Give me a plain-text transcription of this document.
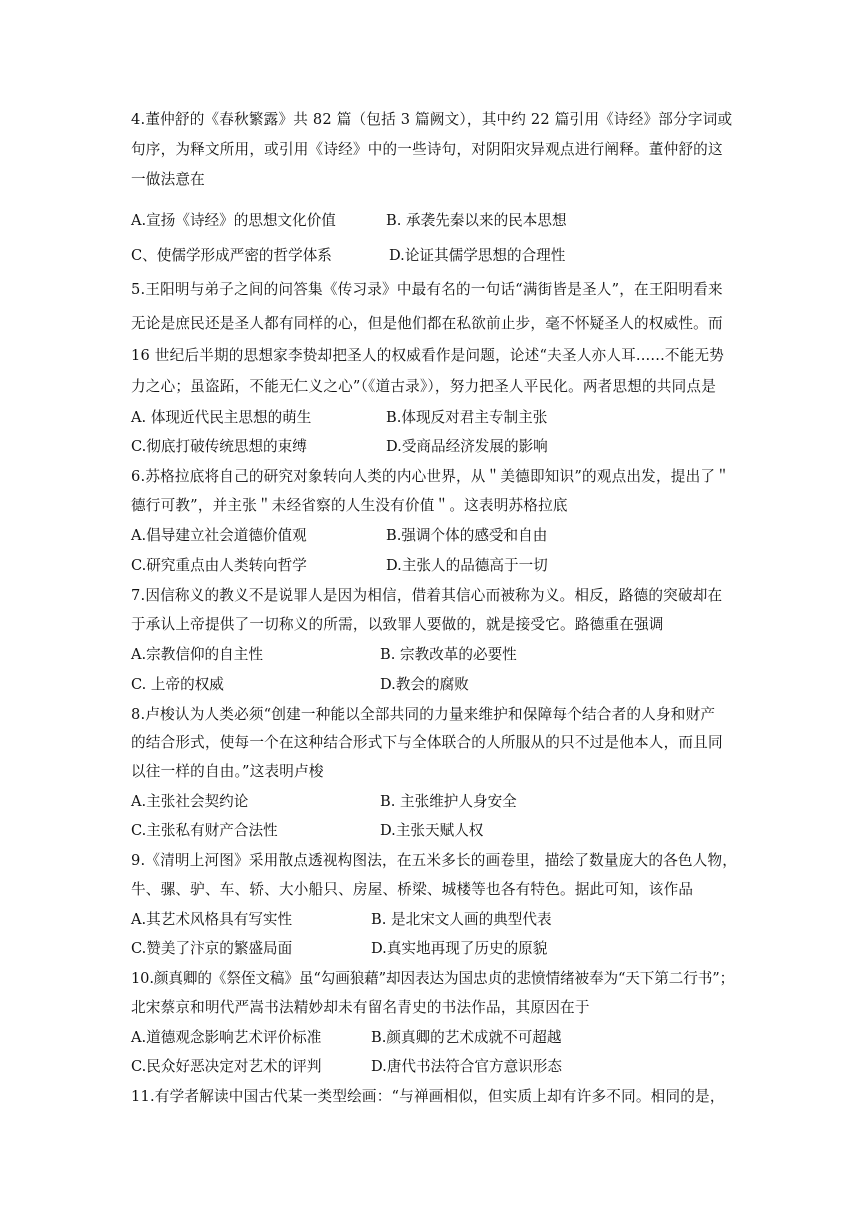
4.董仲舒的《春秋繁露》共 82 篇（包括 3 篇阙文），其中约 22 篇引用《诗经》部分字词或
句序，为释文所用，或引用《诗经》中的一些诗句，对阴阳灾异观点进行阐释。董仲舒的这
一做法意在
A.宣扬《诗经》的思想文化价值	B. 承袭先秦以来的民本思想
C、使儒学形成严密的哲学体系	D.论证其儒学思想的合理性
5.王阳明与弟子之间的问答集《传习录》中最有名的一句话“满街皆是圣人”，在王阳明看来
无论是庶民还是圣人都有同样的心，但是他们都在私欲前止步，毫不怀疑圣人的权威性。而
16 世纪后半期的思想家李贽却把圣人的权威看作是问题，论述“夫圣人亦人耳......不能无势
力之心；虽盗跖，不能无仁义之心”（《道古录》），努力把圣人平民化。两者思想的共同点是
A. 体现近代民主思想的萌生	B.体现反对君主专制主张
C.彻底打破传统思想的束缚	D.受商品经济发展的影响
6.苏格拉底将自己的研究对象转向人类的内心世界，从＂美德即知识”的观点出发，提出了＂
德行可教”，并主张＂未经省察的人生没有价值＂。这表明苏格拉底
A.倡导建立社会道德价值观	B.强调个体的感受和自由
C.研究重点由人类转向哲学	D.主张人的品德高于一切
7.因信称义的教义不是说罪人是因为相信，借着其信心而被称为义。相反，路德的突破却在
于承认上帝提供了一切称义的所需，以致罪人要做的，就是接受它。路德重在强调
A.宗教信仰的自主性	B. 宗教改革的必要性
C. 上帝的权威	D.教会的腐败
8.卢梭认为人类必须“创建一种能以全部共同的力量来维护和保障每个结合者的人身和财产
的结合形式，使每一个在这种结合形式下与全体联合的人所服从的只不过是他本人，而且同
以往一样的自由。”这表明卢梭
A.主张社会契约论	B. 主张维护人身安全
C.主张私有财产合法性	D.主张天赋人权
9.《清明上河图》采用散点透视构图法，在五米多长的画卷里，描绘了数量庞大的各色人物，
牛、骡、驴、车、轿、大小船只、房屋、桥梁、城楼等也各有特色。据此可知，该作品
A.其艺术风格具有写实性	B. 是北宋文人画的典型代表
C.赞美了汴京的繁盛局面	D.真实地再现了历史的原貌
10.颜真卿的《祭侄文稿》虽“勾画狼藉”却因表达为国忠贞的悲愤情绪被奉为“天下第二行书”；
北宋蔡京和明代严嵩书法精妙却未有留名青史的书法作品，其原因在于
A.道德观念影响艺术评价标准	B.颜真卿的艺术成就不可超越
C.民众好恶决定对艺术的评判	D.唐代书法符合官方意识形态
11.有学者解读中国古代某一类型绘画：“与禅画相似，但实质上却有许多不同。相同的是，
